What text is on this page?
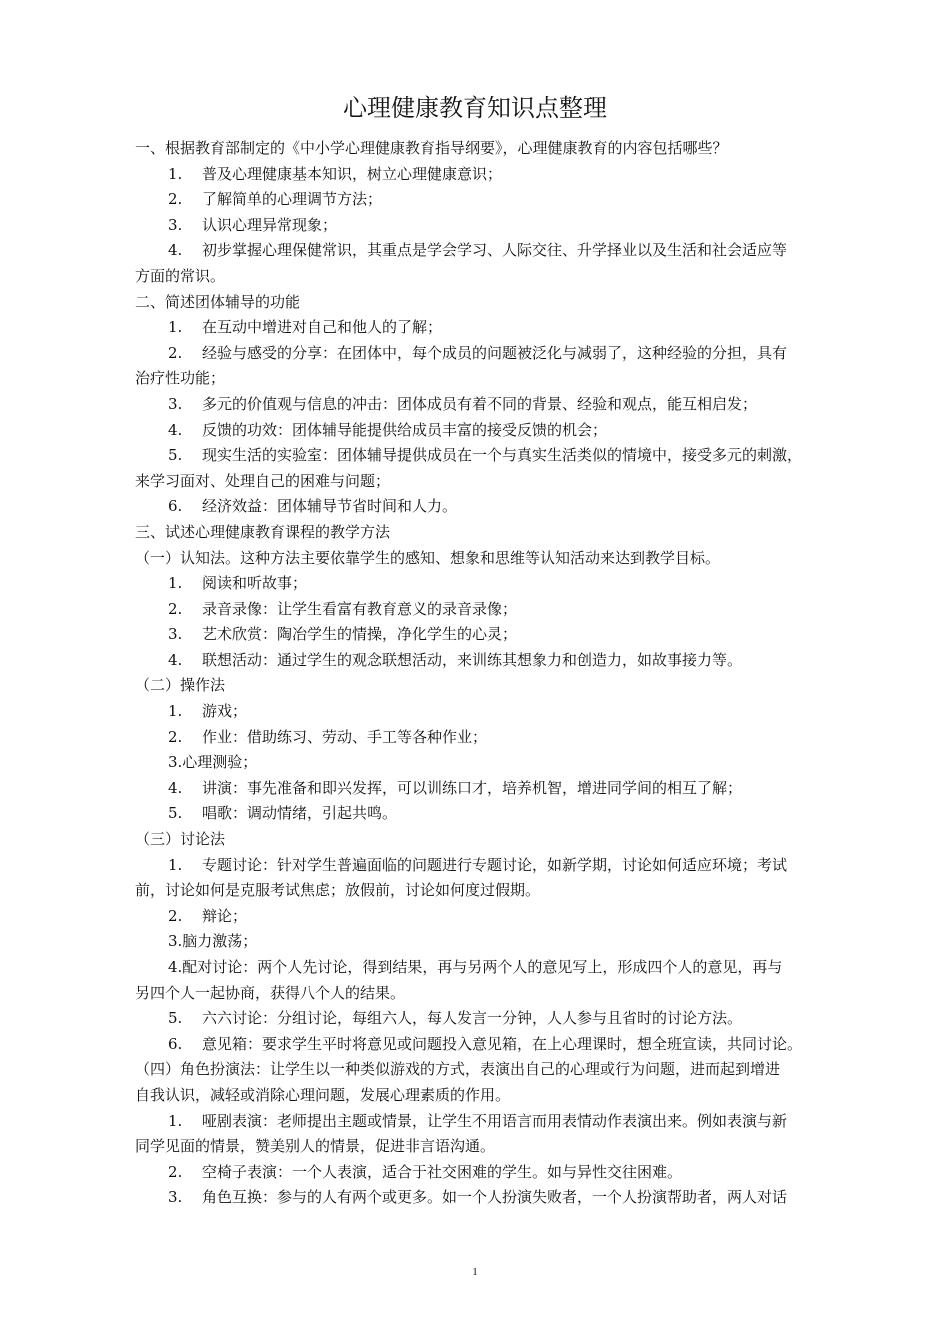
心理健康教育知识点整理
一、根据教育部制定的《中小学心理健康教育指导纲要》，心理健康教育的内容包括哪些？
1. 普及心理健康基本知识，树立心理健康意识；
2. 了解简单的心理调节方法；
3. 认识心理异常现象；
4. 初步掌握心理保健常识，其重点是学会学习、人际交往、升学择业以及生活和社会适应等
方面的常识。
二、简述团体辅导的功能
1. 在互动中增进对自己和他人的了解；
2. 经验与感受的分享：在团体中，每个成员的问题被泛化与减弱了，这种经验的分担，具有
治疗性功能；
3. 多元的价值观与信息的冲击：团体成员有着不同的背景、经验和观点，能互相启发；
4. 反馈的功效：团体辅导能提供给成员丰富的接受反馈的机会；
5. 现实生活的实验室：团体辅导提供成员在一个与真实生活类似的情境中，接受多元的刺激，
来学习面对、处理自己的困难与问题；
6. 经济效益：团体辅导节省时间和人力。
三、试述心理健康教育课程的教学方法
（一）认知法。这种方法主要依靠学生的感知、想象和思维等认知活动来达到教学目标。
1. 阅读和听故事；
2. 录音录像：让学生看富有教育意义的录音录像；
3. 艺术欣赏：陶冶学生的情操，净化学生的心灵；
4. 联想活动：通过学生的观念联想活动，来训练其想象力和创造力，如故事接力等。
（二）操作法
1. 游戏；
2. 作业：借助练习、劳动、手工等各种作业；
3.心理测验；
4. 讲演：事先准备和即兴发挥，可以训练口才，培养机智，增进同学间的相互了解；
5. 唱歌：调动情绪，引起共鸣。
（三）讨论法
1. 专题讨论：针对学生普遍面临的问题进行专题讨论，如新学期，讨论如何适应环境；考试
前，讨论如何是克服考试焦虑；放假前，讨论如何度过假期。
2. 辩论；
3.脑力激荡；
4.配对讨论：两个人先讨论，得到结果，再与另两个人的意见写上，形成四个人的意见，再与
另四个人一起协商，获得八个人的结果。
5. 六六讨论：分组讨论，每组六人，每人发言一分钟，人人参与且省时的讨论方法。
6. 意见箱：要求学生平时将意见或问题投入意见箱，在上心理课时，想全班宣读，共同讨论。
（四）角色扮演法：让学生以一种类似游戏的方式，表演出自己的心理或行为问题，进而起到增进
自我认识，减轻或消除心理问题，发展心理素质的作用。
1. 哑剧表演：老师提出主题或情景，让学生不用语言而用表情动作表演出来。例如表演与新
同学见面的情景，赞美别人的情景，促进非言语沟通。
2. 空椅子表演：一个人表演，适合于社交困难的学生。如与异性交往困难。
3. 角色互换：参与的人有两个或更多。如一个人扮演失败者，一个人扮演帮助者，两人对话
1
